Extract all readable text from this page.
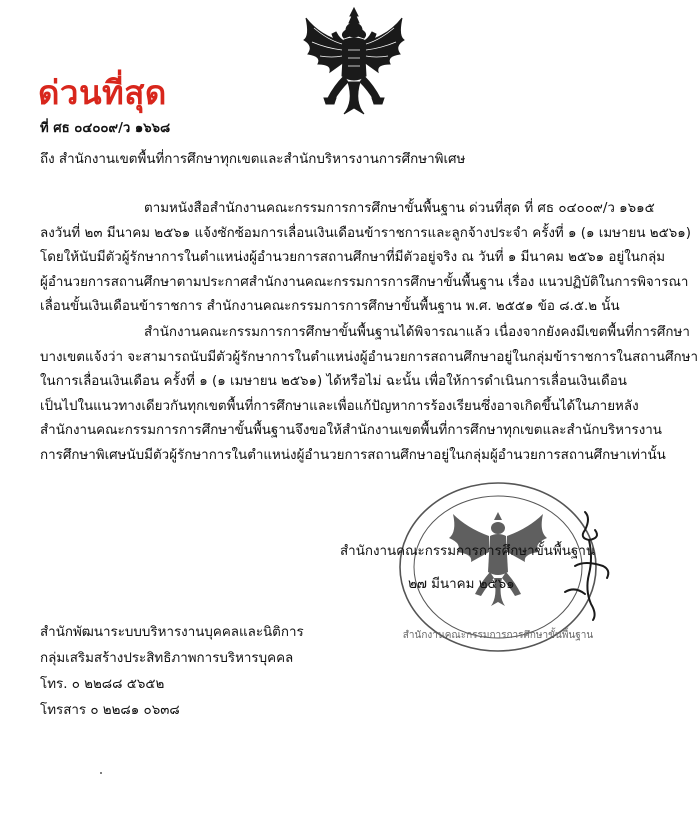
ด่วนที่สุด
ที่ ศธ ๐๔๐๐๙/ว ๑๖๖๘
ถึง สำนักงานเขตพื้นที่การศึกษาทุกเขตและสำนักบริหารงานการศึกษาพิเศษ
ตามหนังสือสำนักงานคณะกรรมการการศึกษาขั้นพื้นฐาน ด่วนที่สุด ที่ ศธ ๐๔๐๐๙/ว ๑๖๑๕
ลงวันที่ ๒๓ มีนาคม ๒๕๖๑ แจ้งซักซ้อมการเลื่อนเงินเดือนข้าราชการและลูกจ้างประจำ ครั้งที่ ๑ (๑ เมษายน ๒๕๖๑)
โดยให้นับมีตัวผู้รักษาการในตำแหน่งผู้อำนวยการสถานศึกษาที่มีตัวอยู่จริง ณ วันที่ ๑ มีนาคม ๒๕๖๑ อยู่ในกลุ่ม
ผู้อำนวยการสถานศึกษาตามประกาศสำนักงานคณะกรรมการการศึกษาขั้นพื้นฐาน เรื่อง แนวปฏิบัติในการพิจารณา
เลื่อนขั้นเงินเดือนข้าราชการ สำนักงานคณะกรรมการการศึกษาขั้นพื้นฐาน พ.ศ. ๒๕๕๑ ข้อ ๘.๕.๒ นั้น
สำนักงานคณะกรรมการการศึกษาขั้นพื้นฐานได้พิจารณาแล้ว เนื่องจากยังคงมีเขตพื้นที่การศึกษา
บางเขตแจ้งว่า จะสามารถนับมีตัวผู้รักษาการในตำแหน่งผู้อำนวยการสถานศึกษาอยู่ในกลุ่มข้าราชการในสถานศึกษา
ในการเลื่อนเงินเดือน ครั้งที่ ๑ (๑ เมษายน ๒๕๖๑) ได้หรือไม่ ฉะนั้น เพื่อให้การดำเนินการเลื่อนเงินเดือน
เป็นไปในแนวทางเดียวกันทุกเขตพื้นที่การศึกษาและเพื่อแก้ปัญหาการร้องเรียนซึ่งอาจเกิดขึ้นได้ในภายหลัง
สำนักงานคณะกรรมการการศึกษาขั้นพื้นฐานจึงขอให้สำนักงานเขตพื้นที่การศึกษาทุกเขตและสำนักบริหารงาน
การศึกษาพิเศษนับมีตัวผู้รักษาการในตำแหน่งผู้อำนวยการสถานศึกษาอยู่ในกลุ่มผู้อำนวยการสถานศึกษาเท่านั้น
สำนักงานคณะกรรมการการศึกษาขั้นพื้นฐาน
สำนักงานคณะกรรมการการศึกษาขั้นพื้นฐาน
๒๗ มีนาคม ๒๕๖๑
สำนักพัฒนาระบบบริหารงานบุคคลและนิติการ
กลุ่มเสริมสร้างประสิทธิภาพการบริหารบุคคล
โทร. ๐ ๒๒๘๘ ๕๖๕๒
โทรสาร ๐ ๒๒๘๑ ๐๖๓๘
